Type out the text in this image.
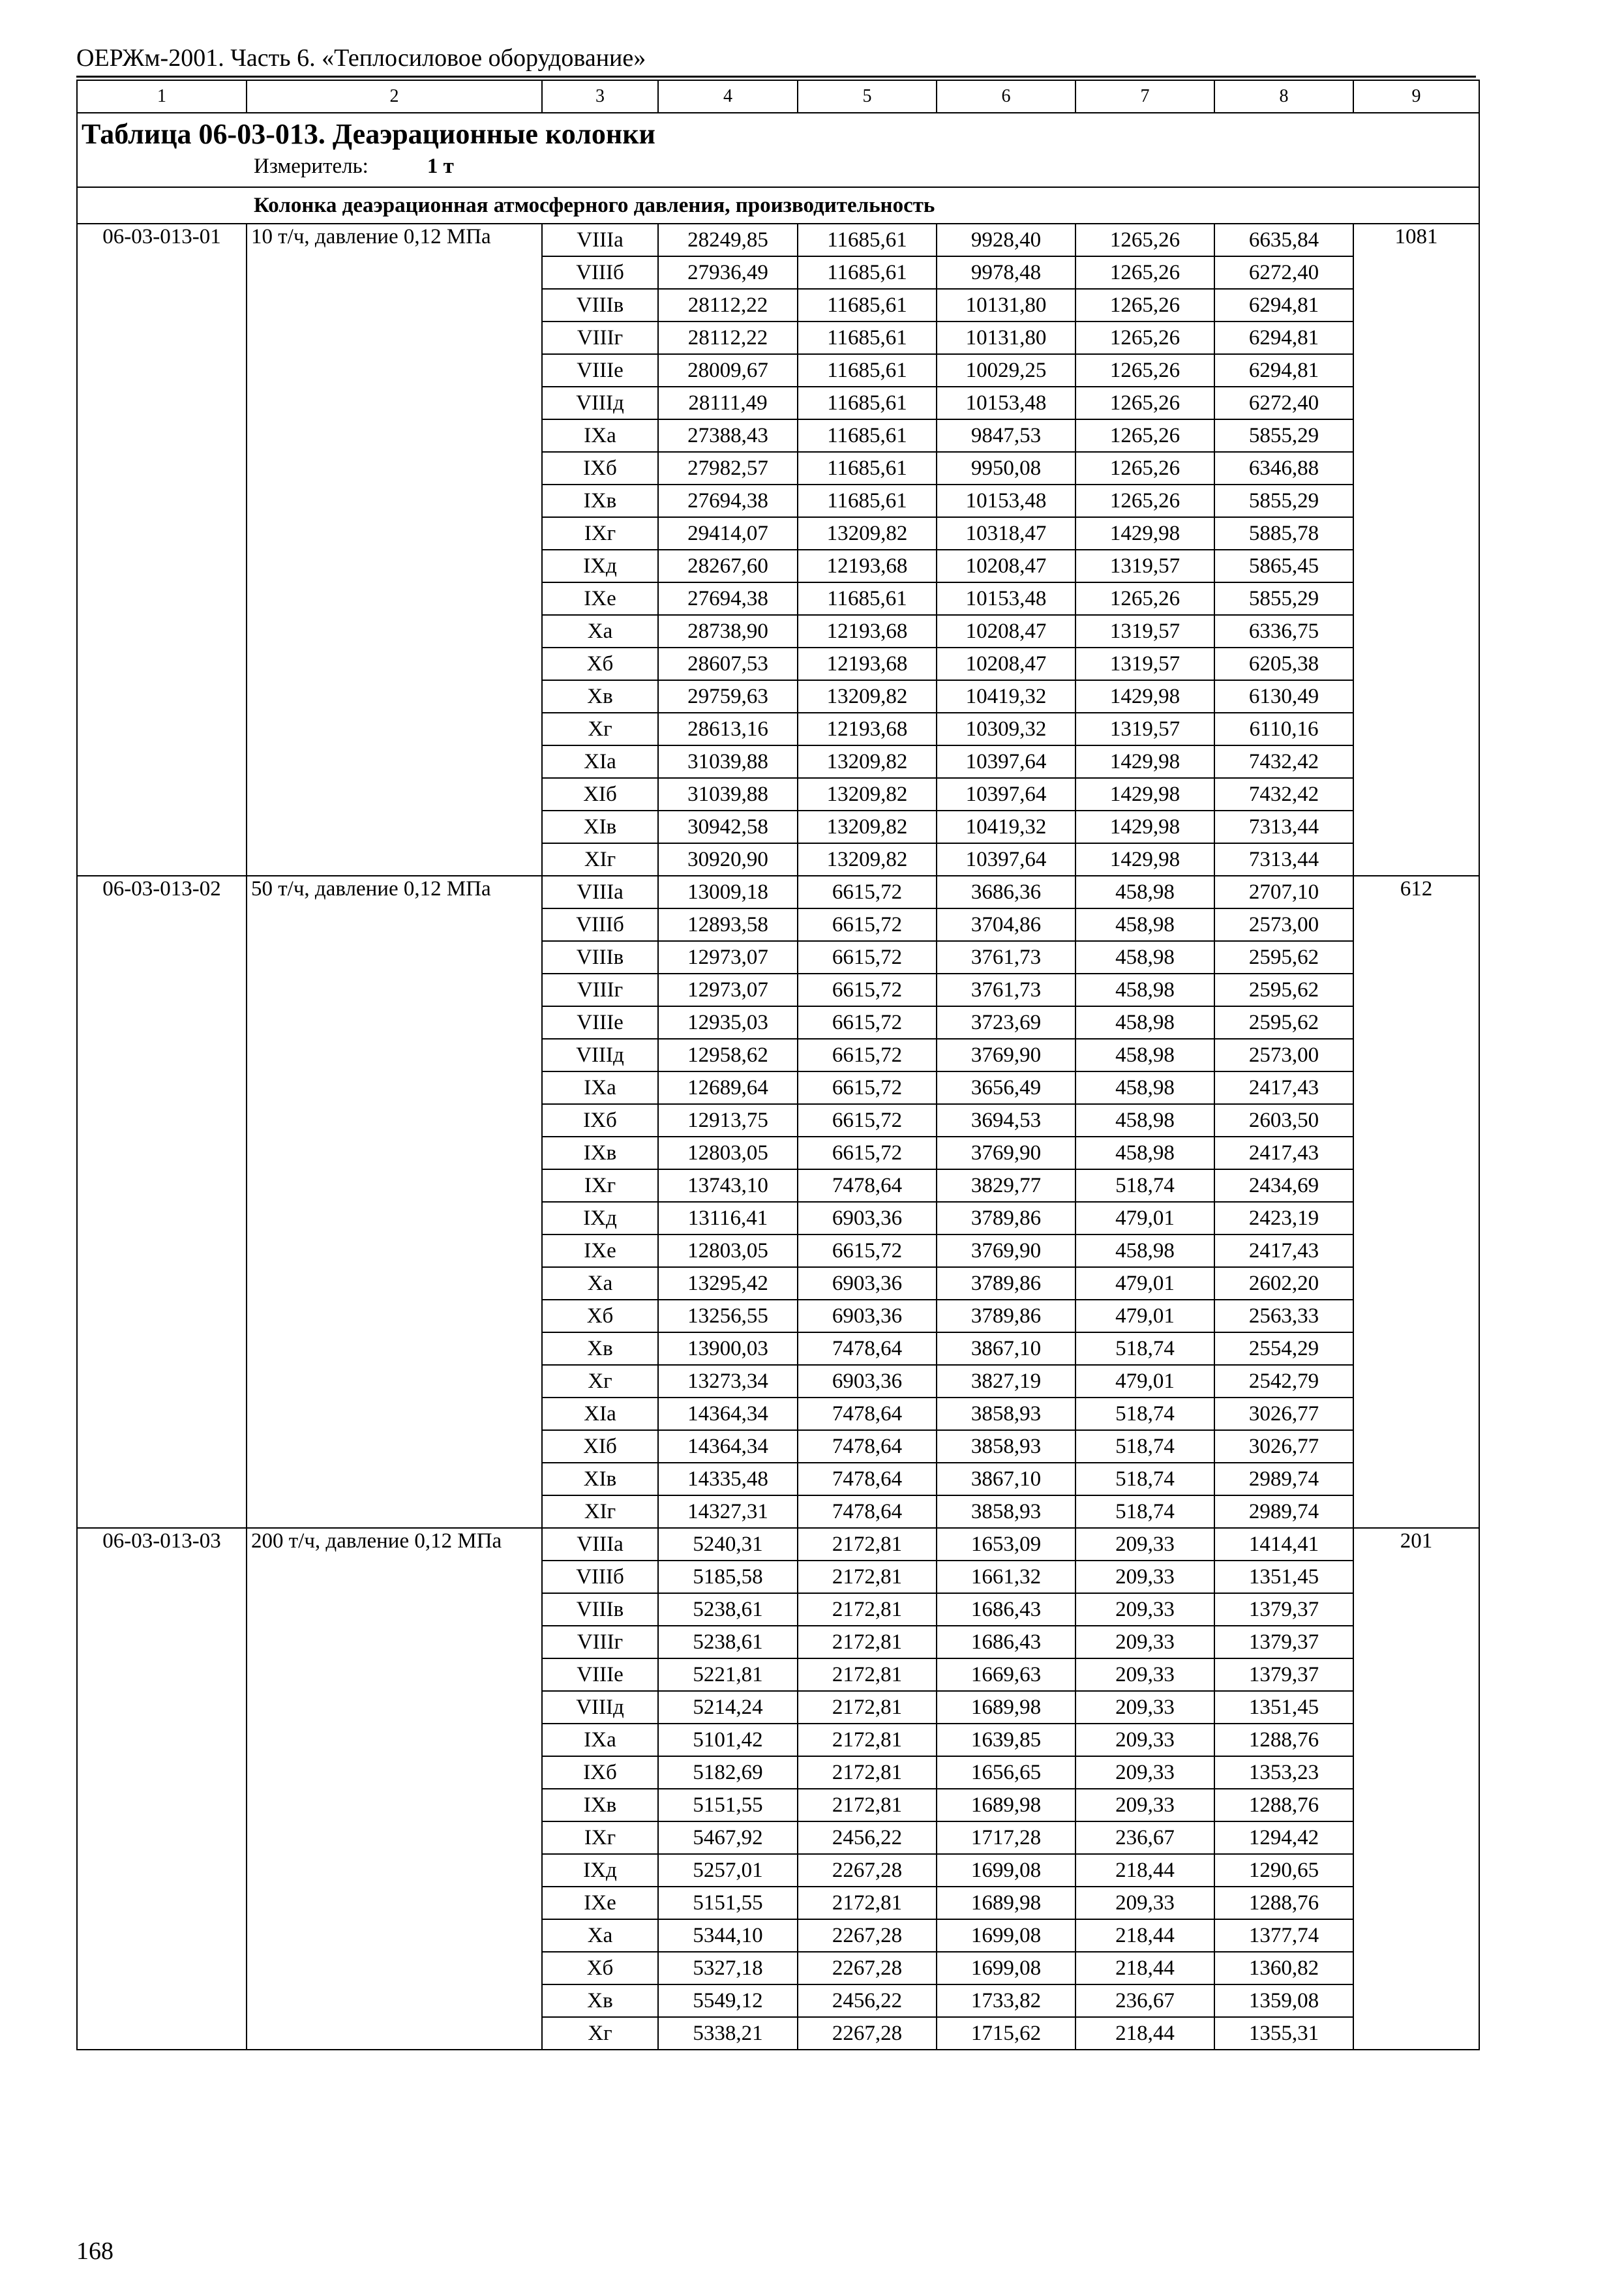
ОЕРЖм-2001. Часть 6. «Теплосиловое оборудование»
1	2	3	4	5	6	7	8	9

Таблица 06-03-013. Деаэрационные колонки
Измеритель: 1 т								

Колонка деаэрационная атмосферного давления, производительность								
06-03-013-01	10 т/ч, давление 0,12 МПа	VIIIа	28249,85	11685,61	9928,40	1265,26	6635,84	1081
		VIIIб	27936,49	11685,61	9978,48	1265,26	6272,40	
		VIIIв	28112,22	11685,61	10131,80	1265,26	6294,81	
		VIIIг	28112,22	11685,61	10131,80	1265,26	6294,81	
		VIIIе	28009,67	11685,61	10029,25	1265,26	6294,81	
		VIIIд	28111,49	11685,61	10153,48	1265,26	6272,40	
		IXа	27388,43	11685,61	9847,53	1265,26	5855,29	
		IXб	27982,57	11685,61	9950,08	1265,26	6346,88	
		IXв	27694,38	11685,61	10153,48	1265,26	5855,29	
		IXг	29414,07	13209,82	10318,47	1429,98	5885,78	
		IXд	28267,60	12193,68	10208,47	1319,57	5865,45	
		IXе	27694,38	11685,61	10153,48	1265,26	5855,29	
		Xа	28738,90	12193,68	10208,47	1319,57	6336,75	
		Xб	28607,53	12193,68	10208,47	1319,57	6205,38	
		Xв	29759,63	13209,82	10419,32	1429,98	6130,49	
		Xг	28613,16	12193,68	10309,32	1319,57	6110,16	
		XIа	31039,88	13209,82	10397,64	1429,98	7432,42	
		XIб	31039,88	13209,82	10397,64	1429,98	7432,42	
		XIв	30942,58	13209,82	10419,32	1429,98	7313,44	
		XIг	30920,90	13209,82	10397,64	1429,98	7313,44	
06-03-013-02	50 т/ч, давление 0,12 МПа	VIIIа	13009,18	6615,72	3686,36	458,98	2707,10	612
		VIIIб	12893,58	6615,72	3704,86	458,98	2573,00	
		VIIIв	12973,07	6615,72	3761,73	458,98	2595,62	
		VIIIг	12973,07	6615,72	3761,73	458,98	2595,62	
		VIIIе	12935,03	6615,72	3723,69	458,98	2595,62	
		VIIIд	12958,62	6615,72	3769,90	458,98	2573,00	
		IXа	12689,64	6615,72	3656,49	458,98	2417,43	
		IXб	12913,75	6615,72	3694,53	458,98	2603,50	
		IXв	12803,05	6615,72	3769,90	458,98	2417,43	
		IXг	13743,10	7478,64	3829,77	518,74	2434,69	
		IXд	13116,41	6903,36	3789,86	479,01	2423,19	
		IXе	12803,05	6615,72	3769,90	458,98	2417,43	
		Xа	13295,42	6903,36	3789,86	479,01	2602,20	
		Xб	13256,55	6903,36	3789,86	479,01	2563,33	
		Xв	13900,03	7478,64	3867,10	518,74	2554,29	
		Xг	13273,34	6903,36	3827,19	479,01	2542,79	
		XIа	14364,34	7478,64	3858,93	518,74	3026,77	
		XIб	14364,34	7478,64	3858,93	518,74	3026,77	
		XIв	14335,48	7478,64	3867,10	518,74	2989,74	
		XIг	14327,31	7478,64	3858,93	518,74	2989,74	
06-03-013-03	200 т/ч, давление 0,12 МПа	VIIIа	5240,31	2172,81	1653,09	209,33	1414,41	201
		VIIIб	5185,58	2172,81	1661,32	209,33	1351,45	
		VIIIв	5238,61	2172,81	1686,43	209,33	1379,37	
		VIIIг	5238,61	2172,81	1686,43	209,33	1379,37	
		VIIIе	5221,81	2172,81	1669,63	209,33	1379,37	
		VIIIд	5214,24	2172,81	1689,98	209,33	1351,45	
		IXа	5101,42	2172,81	1639,85	209,33	1288,76	
		IXб	5182,69	2172,81	1656,65	209,33	1353,23	
		IXв	5151,55	2172,81	1689,98	209,33	1288,76	
		IXг	5467,92	2456,22	1717,28	236,67	1294,42	
		IXд	5257,01	2267,28	1699,08	218,44	1290,65	
		IXе	5151,55	2172,81	1689,98	209,33	1288,76	
		Xа	5344,10	2267,28	1699,08	218,44	1377,74	
		Xб	5327,18	2267,28	1699,08	218,44	1360,82	
		Xв	5549,12	2456,22	1733,82	236,67	1359,08	
		Xг	5338,21	2267,28	1715,62	218,44	1355,31	
168
